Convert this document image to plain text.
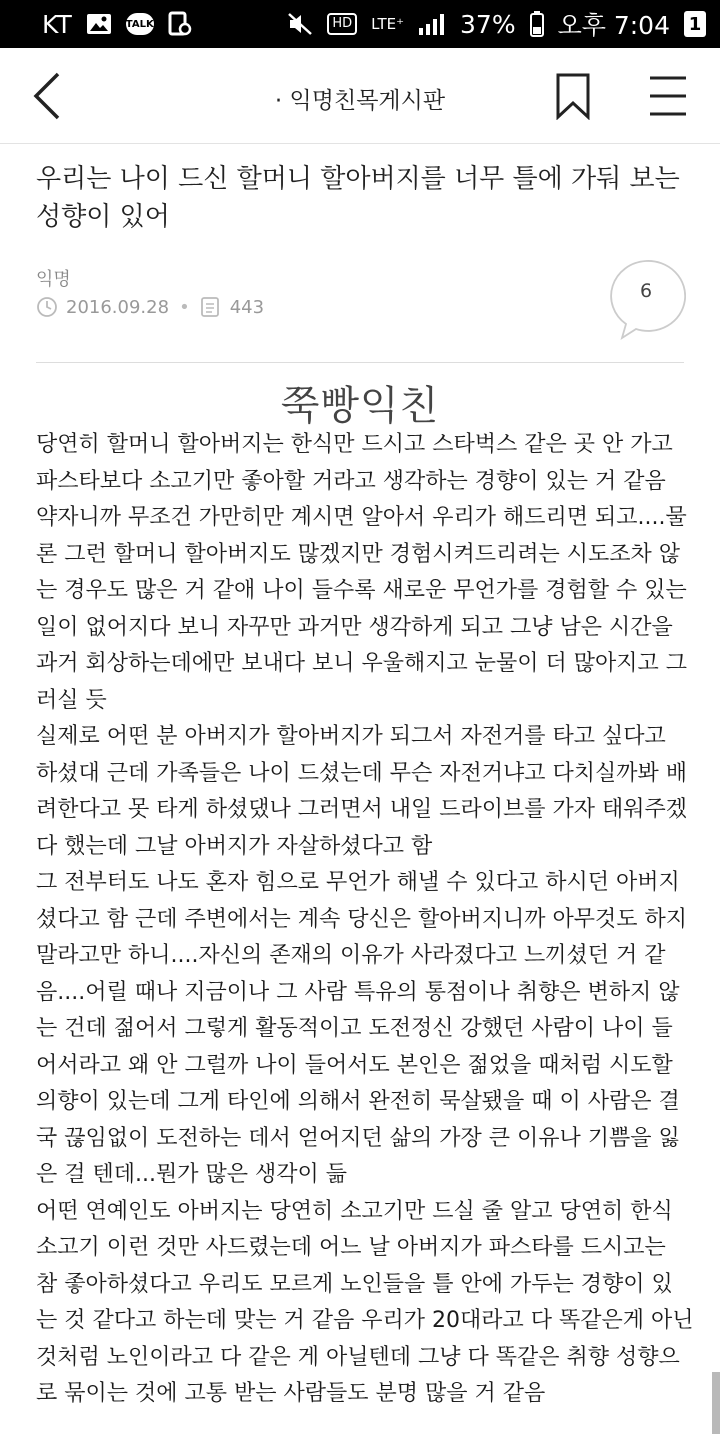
KT	TALK	HD	LTE⁺ 37% 오후 7:04 1
· 익명친목게시판
우리는 나이 드신 할머니 할아버지를 너무 틀에 가둬 보는 성향이 있어
익명
2016.09.28 • 443
6
쭉빵익친
당연히 할머니 할아버지는 한식만 드시고 스타벅스 같은 곳 안 가고
파스타보다 소고기만 좋아할 거라고 생각하는 경향이 있는 거 같음
약자니까 무조건 가만히만 계시면 알아서 우리가 해드리면 되고....물
론 그런 할머니 할아버지도 많겠지만 경험시켜드리려는 시도조차 않
는 경우도 많은 거 같애 나이 들수록 새로운 무언가를 경험할 수 있는
일이 없어지다 보니 자꾸만 과거만 생각하게 되고 그냥 남은 시간을
과거 회상하는데에만 보내다 보니 우울해지고 눈물이 더 많아지고 그
러실 듯
실제로 어떤 분 아버지가 할아버지가 되그서 자전거를 타고 싶다고
하셨대 근데 가족들은 나이 드셨는데 무슨 자전거냐고 다치실까봐 배
려한다고 못 타게 하셨댔나 그러면서 내일 드라이브를 가자 태워주겠
다 했는데 그날 아버지가 자살하셨다고 함
그 전부터도 나도 혼자 힘으로 무언가 해낼 수 있다고 하시던 아버지
셨다고 함 근데 주변에서는 계속 당신은 할아버지니까 아무것도 하지
말라고만 하니....자신의 존재의 이유가 사라졌다고 느끼셨던 거 같
음....어릴 때나 지금이나 그 사람 특유의 통점이나 취향은 변하지 않
는 건데 젊어서 그렇게 활동적이고 도전정신 강했던 사람이 나이 들
어서라고 왜 안 그럴까 나이 들어서도 본인은 젊었을 때처럼 시도할
의향이 있는데 그게 타인에 의해서 완전히 묵살됐을 때 이 사람은 결
국 끊임없이 도전하는 데서 얻어지던 삶의 가장 큰 이유나 기쁨을 잃
은 걸 텐데...뭔가 많은 생각이 듦
어떤 연예인도 아버지는 당연히 소고기만 드실 줄 알고 당연히 한식
소고기 이런 것만 사드렸는데 어느 날 아버지가 파스타를 드시고는
참 좋아하셨다고 우리도 모르게 노인들을 틀 안에 가두는 경향이 있
는 것 같다고 하는데 맞는 거 같음 우리가 20대라고 다 똑같은게 아닌
것처럼 노인이라고 다 같은 게 아닐텐데 그냥 다 똑같은 취향 성향으
로 묶이는 것에 고통 받는 사람들도 분명 많을 거 같음
